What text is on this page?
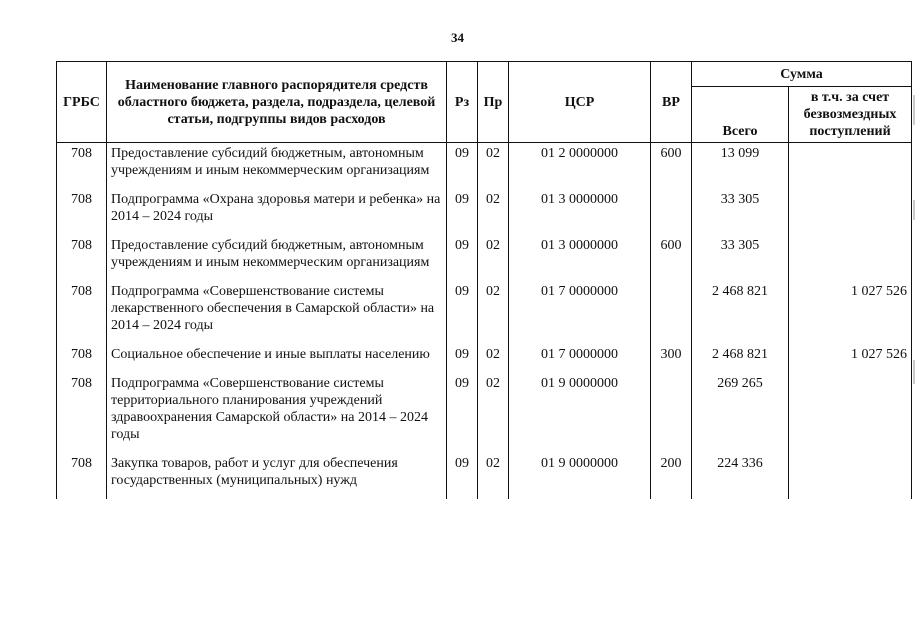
34
ГРБС	Наименование главного распорядителя средств областного бюджета, раздела, подраздела, целевой статьи, подгруппы видов расходов	Рз	Пр	ЦСР	ВР	Сумма	
						Всего	в т.ч. за счет безвозмездных поступлений
708	Предоставление субсидий бюджетным, автономным учреждениям и иным некоммерческим организациям	09	02	01 2 0000000	600	13 099	
708	Подпрограмма «Охрана здоровья матери и ребенка» на 2014 – 2024 годы	09	02	01 3 0000000		33 305	
708	Предоставление субсидий бюджетным, автономным учреждениям и иным некоммерческим организациям	09	02	01 3 0000000	600	33 305	
708	Подпрограмма «Совершенствование системы лекарственного обеспечения в Самарской области» на 2014 – 2024 годы	09	02	01 7 0000000		2 468 821	1 027 526
708	Социальное обеспечение и иные выплаты населению	09	02	01 7 0000000	300	2 468 821	1 027 526
708	Подпрограмма «Совершенствование системы территориального планирования учреждений здравоохранения Самарской области» на 2014 – 2024 годы	09	02	01 9 0000000		269 265	
708	Закупка товаров, работ и услуг для обеспечения государственных (муниципальных) нужд	09	02	01 9 0000000	200	224 336	
